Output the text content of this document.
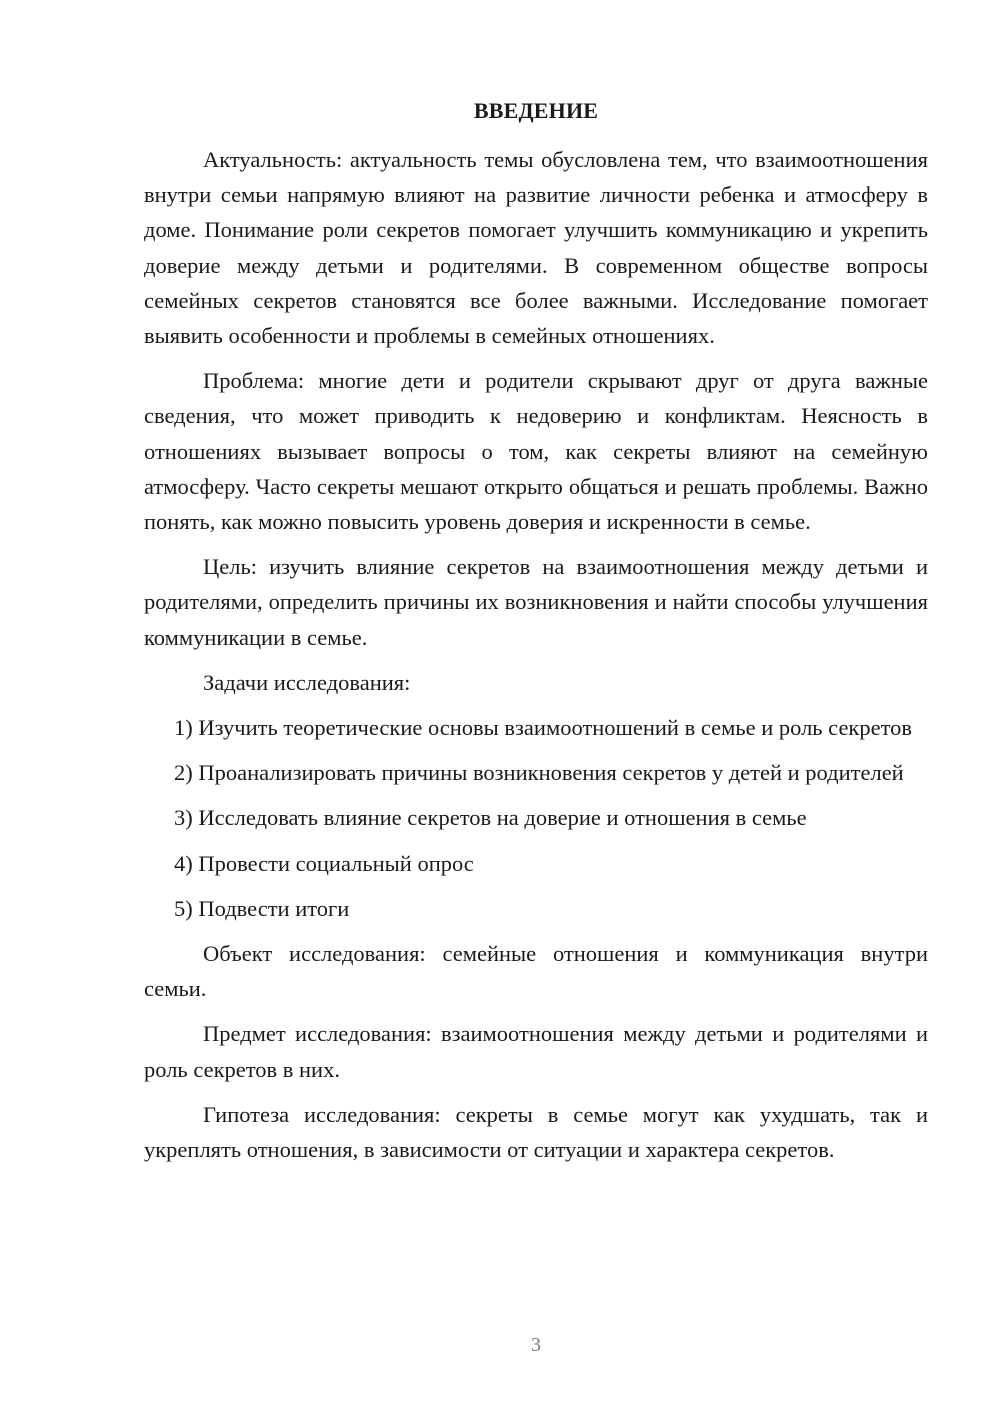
ВВЕДЕНИЕ

Актуальность: актуальность темы обусловлена тем, что взаимоотношения внутри семьи напрямую влияют на развитие личности ребенка и атмосферу в доме. Понимание роли секретов помогает улучшить коммуникацию и укрепить доверие между детьми и родителями. В современном обществе вопросы семейных секретов становятся все более важными. Исследование помогает выявить особенности и проблемы в семейных отношениях.

Проблема: многие дети и родители скрывают друг от друга важные сведения, что может приводить к недоверию и конфликтам. Неясность в отношениях вызывает вопросы о том, как секреты влияют на семейную атмосферу. Часто секреты мешают открыто общаться и решать проблемы. Важно понять, как можно повысить уровень доверия и искренности в семье.

Цель: изучить влияние секретов на взаимоотношения между детьми и родителями, определить причины их возникновения и найти способы улучшения коммуникации в семье.

Задачи исследования:

1) Изучить теоретические основы взаимоотношений в семье и роль секретов

2) Проанализировать причины возникновения секретов у детей и родителей

3) Исследовать влияние секретов на доверие и отношения в семье

4) Провести социальный опрос

5) Подвести итоги

Объект исследования: семейные отношения и коммуникация внутри семьи.

Предмет исследования: взаимоотношения между детьми и родителями и роль секретов в них.

Гипотеза исследования: секреты в семье могут как ухудшать, так и укреплять отношения, в зависимости от ситуации и характера секретов.

3
